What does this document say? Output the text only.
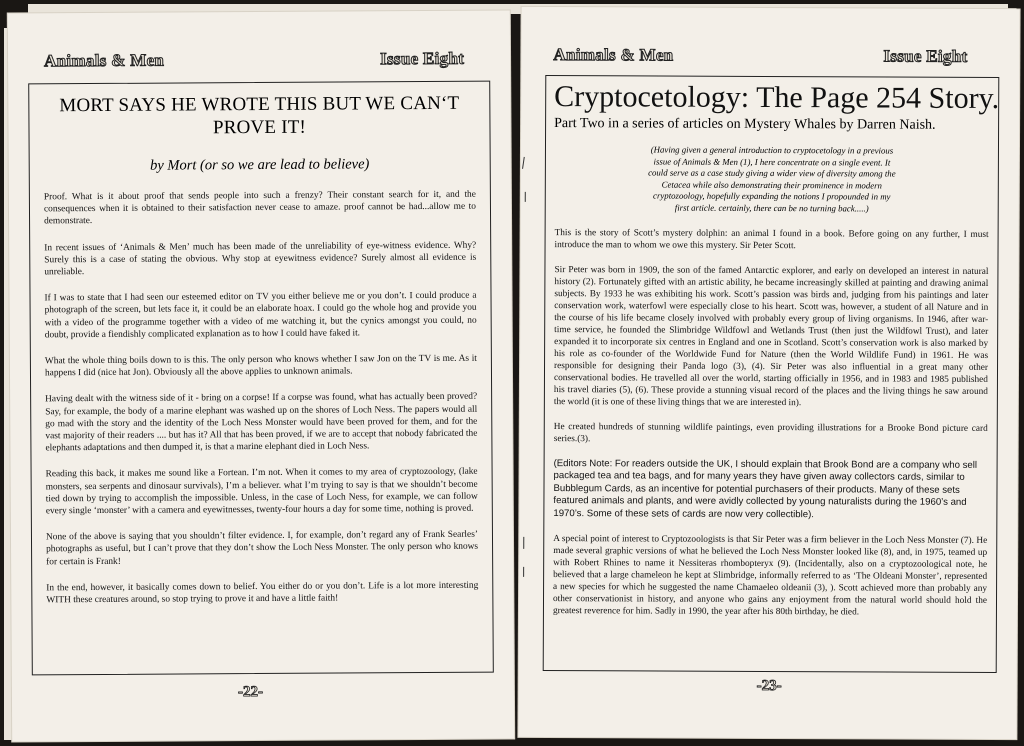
Animals & Men	Issue Eight
MORT SAYS HE WROTE THIS BUT WE CAN‘T PROVE IT!
by Mort (or so we are lead to believe)

Proof. What is it about proof that sends people into such a frenzy? Their constant search for it, and the consequences when it is obtained to their satisfaction never cease to amaze. proof cannot be had...allow me to demonstrate.

In recent issues of ‘Animals & Men’ much has been made of the unreliability of eye-witness evidence. Why? Surely this is a case of stating the obvious. Why stop at eyewitness evidence? Surely almost all evidence is unreliable.

If I was to state that I had seen our esteemed editor on TV you either believe me or you don’t. I could produce a photograph of the screen, but lets face it, it could be an elaborate hoax. I could go the whole hog and provide you with a video of the programme together with a video of me watching it, but the cynics amongst you could, no doubt, provide a fiendishly complicated explanation as to how I could have faked it.

What the whole thing boils down to is this. The only person who knows whether I saw Jon on the TV is me. As it happens I did (nice hat Jon). Obviously all the above applies to unknown animals.

Having dealt with the witness side of it - bring on a corpse! If a corpse was found, what has actually been proved? Say, for example, the body of a marine elephant was washed up on the shores of Loch Ness. The papers would all go mad with the story and the identity of the Loch Ness Monster would have been proved for them, and for the vast majority of their readers .... but has it? All that has been proved, if we are to accept that nobody fabricated the elephants adaptations and then dumped it, is that a marine elephant died in Loch Ness.

Reading this back, it makes me sound like a Fortean. I’m not. When it comes to my area of cryptozoology, (lake monsters, sea serpents and dinosaur survivals), I’m a believer. what I’m trying to say is that we shouldn’t become tied down by trying to accomplish the impossible. Unless, in the case of Loch Ness, for example, we can follow every single ‘monster’ with a camera and eyewitnesses, twenty-four hours a day for some time, nothing is proved.

None of the above is saying that you shouldn’t filter evidence. I, for example, don’t regard any of Frank Searles’ photographs as useful, but I can’t prove that they don’t show the Loch Ness Monster. The only person who knows for certain is Frank!

In the end, however, it basically comes down to belief. You either do or you don’t. Life is a lot more interesting WITH these creatures around, so stop trying to prove it and have a little faith!

-22-
Animals & Men	Issue Eight
Cryptocetology: The Page 254 Story.
Part Two in a series of articles on Mystery Whales by Darren Naish.
(Having given a general introduction to cryptocetology in a previous issue of Animals & Men (1), I here concentrate on a single event. It could serve as a case study giving a wider view of diversity among the Cetacea while also demonstrating their prominence in modern cryptozoology, hopefully expanding the notions I propounded in my first article. certainly, there can be no turning back.....)

This is the story of Scott’s mystery dolphin: an animal I found in a book. Before going on any further, I must introduce the man to whom we owe this mystery. Sir Peter Scott.

Sir Peter was born in 1909, the son of the famed Antarctic explorer, and early on developed an interest in natural history (2). Fortunately gifted with an artistic ability, he became increasingly skilled at painting and drawing animal subjects. By 1933 he was exhibiting his work. Scott’s passion was birds and, judging from his paintings and later conservation work, waterfowl were especially close to his heart. Scott was, however, a student of all Nature and in the course of his life became closely involved with probably every group of living organisms. In 1946, after war-time service, he founded the Slimbridge Wildfowl and Wetlands Trust (then just the Wildfowl Trust), and later expanded it to incorporate six centres in England and one in Scotland. Scott’s conservation work is also marked by his role as co-founder of the Worldwide Fund for Nature (then the World Wildlife Fund) in 1961. He was responsible for designing their Panda logo (3), (4). Sir Peter was also influential in a great many other conservational bodies. He travelled all over the world, starting officially in 1956, and in 1983 and 1985 published his travel diaries (5), (6). These provide a stunning visual record of the places and the living things he saw around the world (it is one of these living things that we are interested in).

He created hundreds of stunning wildlife paintings, even providing illustrations for a Brooke Bond picture card series.(3).

(Editors Note: For readers outside the UK, I should explain that Brook Bond are a company who sell packaged tea and tea bags, and for many years they have given away collectors cards, similar to Bubblegum Cards, as an incentive for potential purchasers of their products. Many of these sets featured animals and plants, and were avidly collected by young naturalists during the 1960’s and 1970’s. Some of these sets of cards are now very collectible).

A special point of interest to Cryptozoologists is that Sir Peter was a firm believer in the Loch Ness Monster (7). He made several graphic versions of what he believed the Loch Ness Monster looked like (8), and, in 1975, teamed up with Robert Rhines to name it Nessiteras rhombopteryx (9). (Incidentally, also on a cryptozoological note, he believed that a large chameleon he kept at Slimbridge, informally referred to as ‘The Oldeani Monster’, represented a new species for which he suggested the name Chamaeleo oldeanii (3), ). Scott achieved more than probably any other conservationist in history, and anyone who gains any enjoyment from the natural world should hold the greatest reverence for him. Sadly in 1990, the year after his 80th birthday, he died.

-23-
